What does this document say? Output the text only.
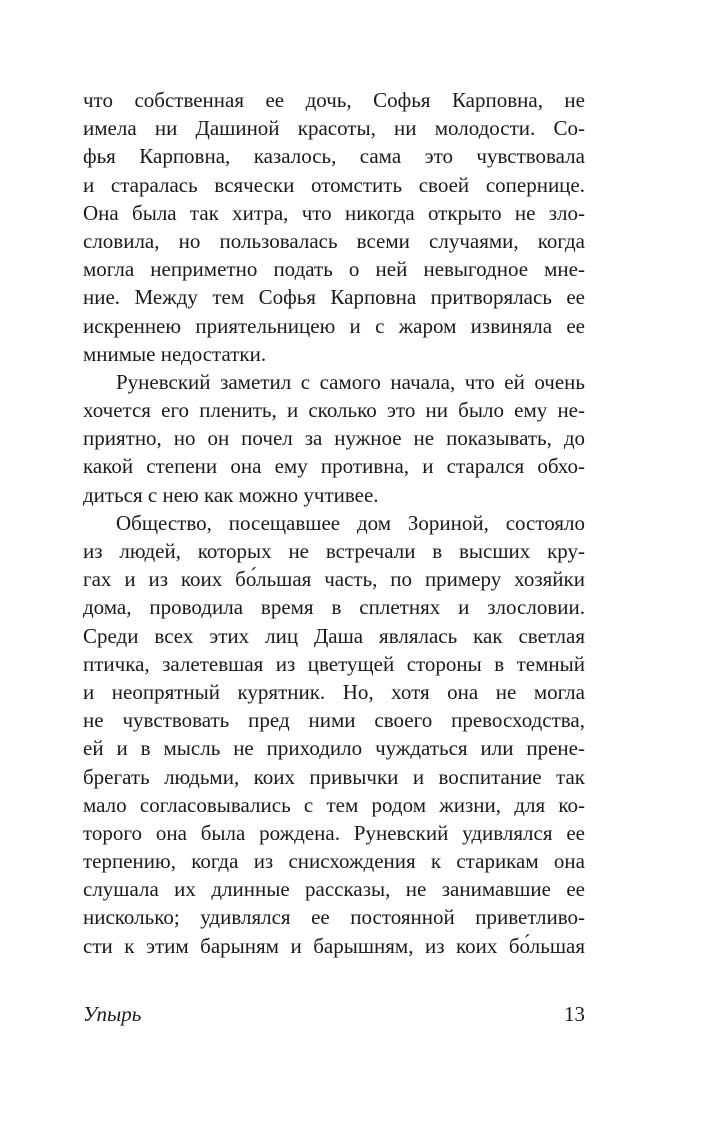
что собственная ее дочь, Софья Карповна, не
имела ни Дашиной красоты, ни молодости. Со-
фья Карповна, казалось, сама это чувствовала
и старалась всячески отомстить своей сопернице.
Она была так хитра, что никогда открыто не зло-
словила, но пользовалась всеми случаями, когда
могла неприметно подать о ней невыгодное мне-
ние. Между тем Софья Карповна притворялась ее
искреннею приятельницею и с жаром извиняла ее
мнимые недостатки.
Руневский заметил с самого начала, что ей очень
хочется его пленить, и сколько это ни было ему не-
приятно, но он почел за нужное не показывать, до
какой степени она ему противна, и старался обхо-
диться с нею как можно учтивее.
Общество, посещавшее дом Зориной, состояло
из людей, которых не встречали в высших кру-
гах и из коих бо́льшая часть, по примеру хозяйки
дома, проводила время в сплетнях и злословии.
Среди всех этих лиц Даша являлась как светлая
птичка, залетевшая из цветущей стороны в темный
и неопрятный курятник. Но, хотя она не могла
не чувствовать пред ними своего превосходства,
ей и в мысль не приходило чуждаться или прене-
брегать людьми, коих привычки и воспитание так
мало согласовывались с тем родом жизни, для ко-
торого она была рождена. Руневский удивлялся ее
терпению, когда из снисхождения к старикам она
слушала их длинные рассказы, не занимавшие ее
нисколько; удивлялся ее постоянной приветливо-
сти к этим барыням и барышням, из коих бо́льшая
Упырь	13
